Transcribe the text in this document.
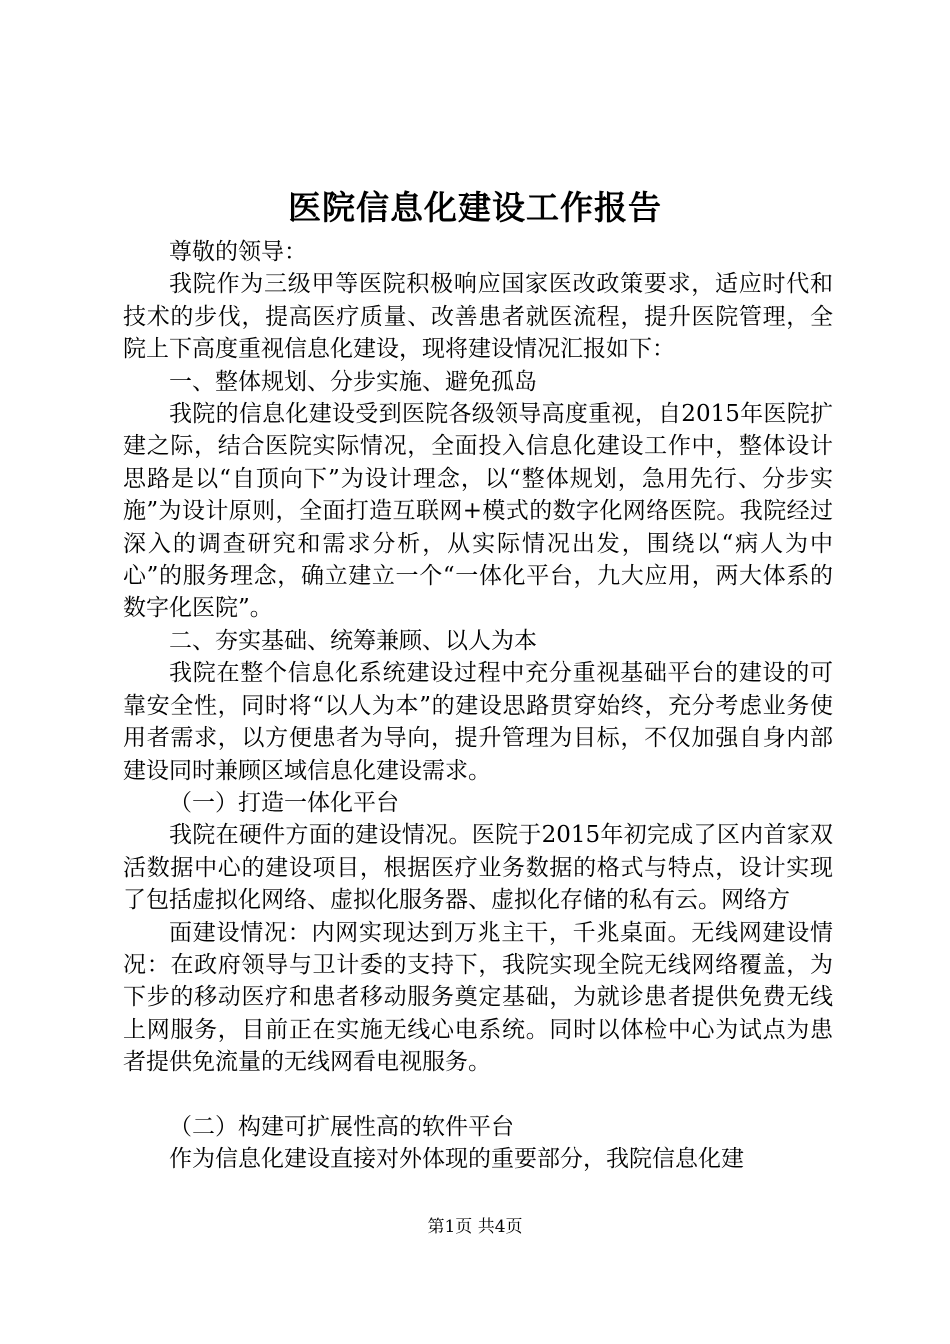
医院信息化建设工作报告

尊敬的领导：

我院作为三级甲等医院积极响应国家医改政策要求，适应时代和技术的步伐，提高医疗质量、改善患者就医流程，提升医院管理，全院上下高度重视信息化建设，现将建设情况汇报如下：

一、整体规划、分步实施、避免孤岛

我院的信息化建设受到医院各级领导高度重视，自2015年医院扩建之际，结合医院实际情况，全面投入信息化建设工作中，整体设计思路是以“自顶向下”为设计理念，以“整体规划，急用先行、分步实施”为设计原则，全面打造互联网+模式的数字化网络医院。我院经过深入的调查研究和需求分析，从实际情况出发，围绕以“病人为中心”的服务理念，确立建立一个“一体化平台，九大应用，两大体系的数字化医院”。

二、夯实基础、统筹兼顾、以人为本

我院在整个信息化系统建设过程中充分重视基础平台的建设的可靠安全性，同时将“以人为本”的建设思路贯穿始终，充分考虑业务使用者需求，以方便患者为导向，提升管理为目标，不仅加强自身内部建设同时兼顾区域信息化建设需求。

（一）打造一体化平台

我院在硬件方面的建设情况。医院于2015年初完成了区内首家双活数据中心的建设项目，根据医疗业务数据的格式与特点，设计实现了包括虚拟化网络、虚拟化服务器、虚拟化存储的私有云。网络方

面建设情况：内网实现达到万兆主干，千兆桌面。无线网建设情况：在政府领导与卫计委的支持下，我院实现全院无线网络覆盖，为下步的移动医疗和患者移动服务奠定基础，为就诊患者提供免费无线上网服务，目前正在实施无线心电系统。同时以体检中心为试点为患者提供免流量的无线网看电视服务。

（二）构建可扩展性高的软件平台

作为信息化建设直接对外体现的重要部分，我院信息化建

第1页 共4页
